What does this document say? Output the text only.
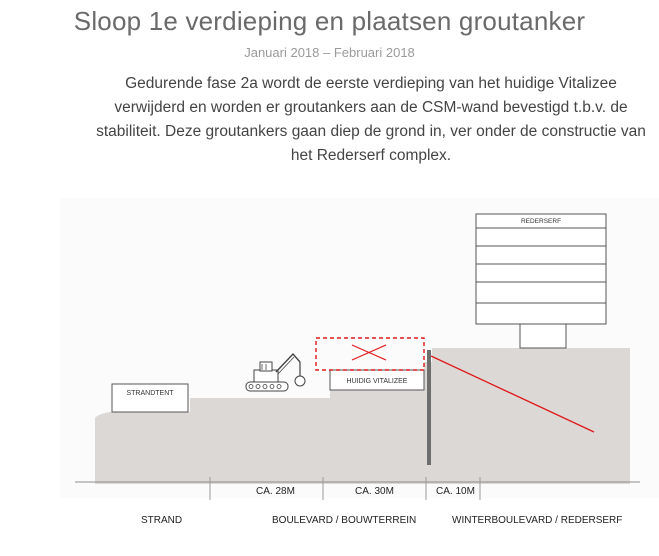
Sloop 1e verdieping en plaatsen groutanker
Januari 2018 – Februari 2018
Gedurende fase 2a wordt de eerste verdieping van het huidige Vitalizee verwijderd en worden er groutankers aan de CSM-wand bevestigd t.b.v. de stabiliteit. Deze groutankers gaan diep de grond in, ver onder de constructie van het Rederserf complex.
CA. 28M	CA. 30M	CA. 10M
STRANDTENT
HUIDIG VITALIZEE
REDERSERF
STRAND	BOULEVARD / BOUWTERREIN	WINTERBOULEVARD / REDERSERF
